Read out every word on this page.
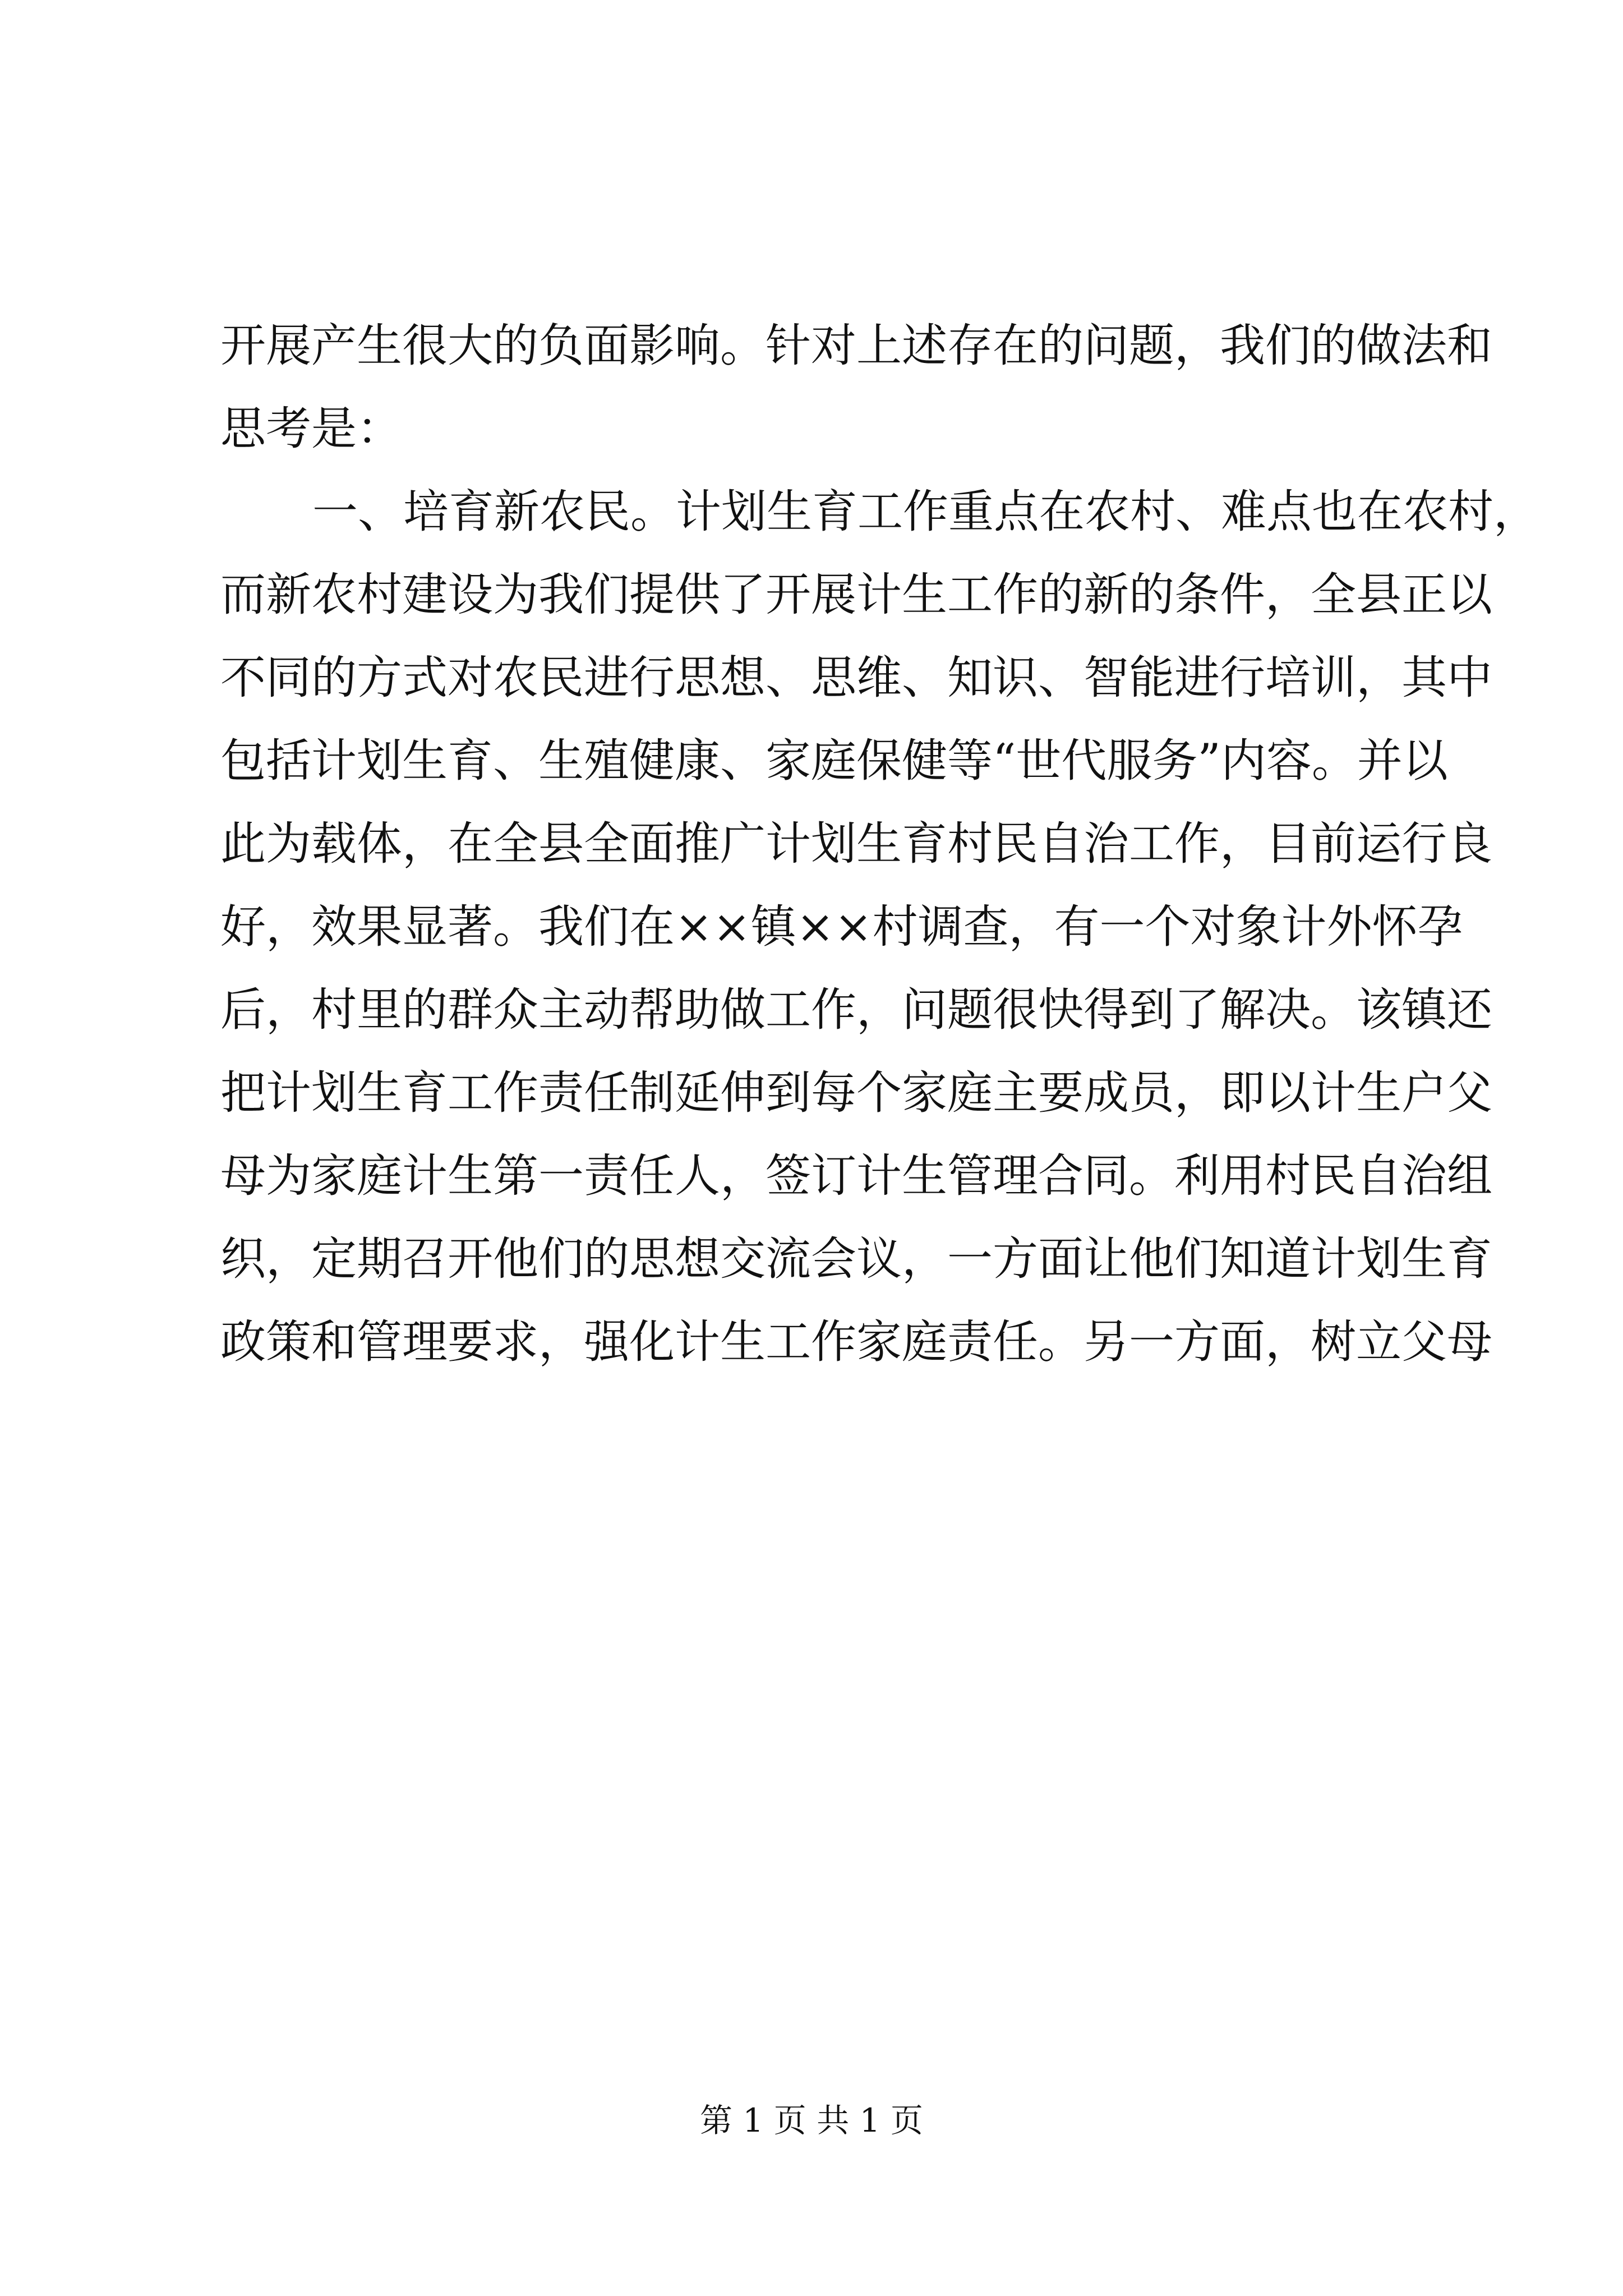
开展产生很大的负面影响。针对上述存在的问题，我们的做法和
思考是：
一、培育新农民。计划生育工作重点在农村、难点也在农村，
而新农村建设为我们提供了开展计生工作的新的条件，全县正以
不同的方式对农民进行思想、思维、知识、智能进行培训，其中
包括计划生育、生殖健康、家庭保健等“世代服务”内容。并以
此为载体，在全县全面推广计划生育村民自治工作，目前运行良
好，效果显著。我们在××镇××村调查，有一个对象计外怀孕
后，村里的群众主动帮助做工作，问题很快得到了解决。该镇还
把计划生育工作责任制延伸到每个家庭主要成员，即以计生户父
母为家庭计生第一责任人，签订计生管理合同。利用村民自治组
织，定期召开他们的思想交流会议，一方面让他们知道计划生育
政策和管理要求，强化计生工作家庭责任。另一方面，树立父母
第 1 页 共 1 页
